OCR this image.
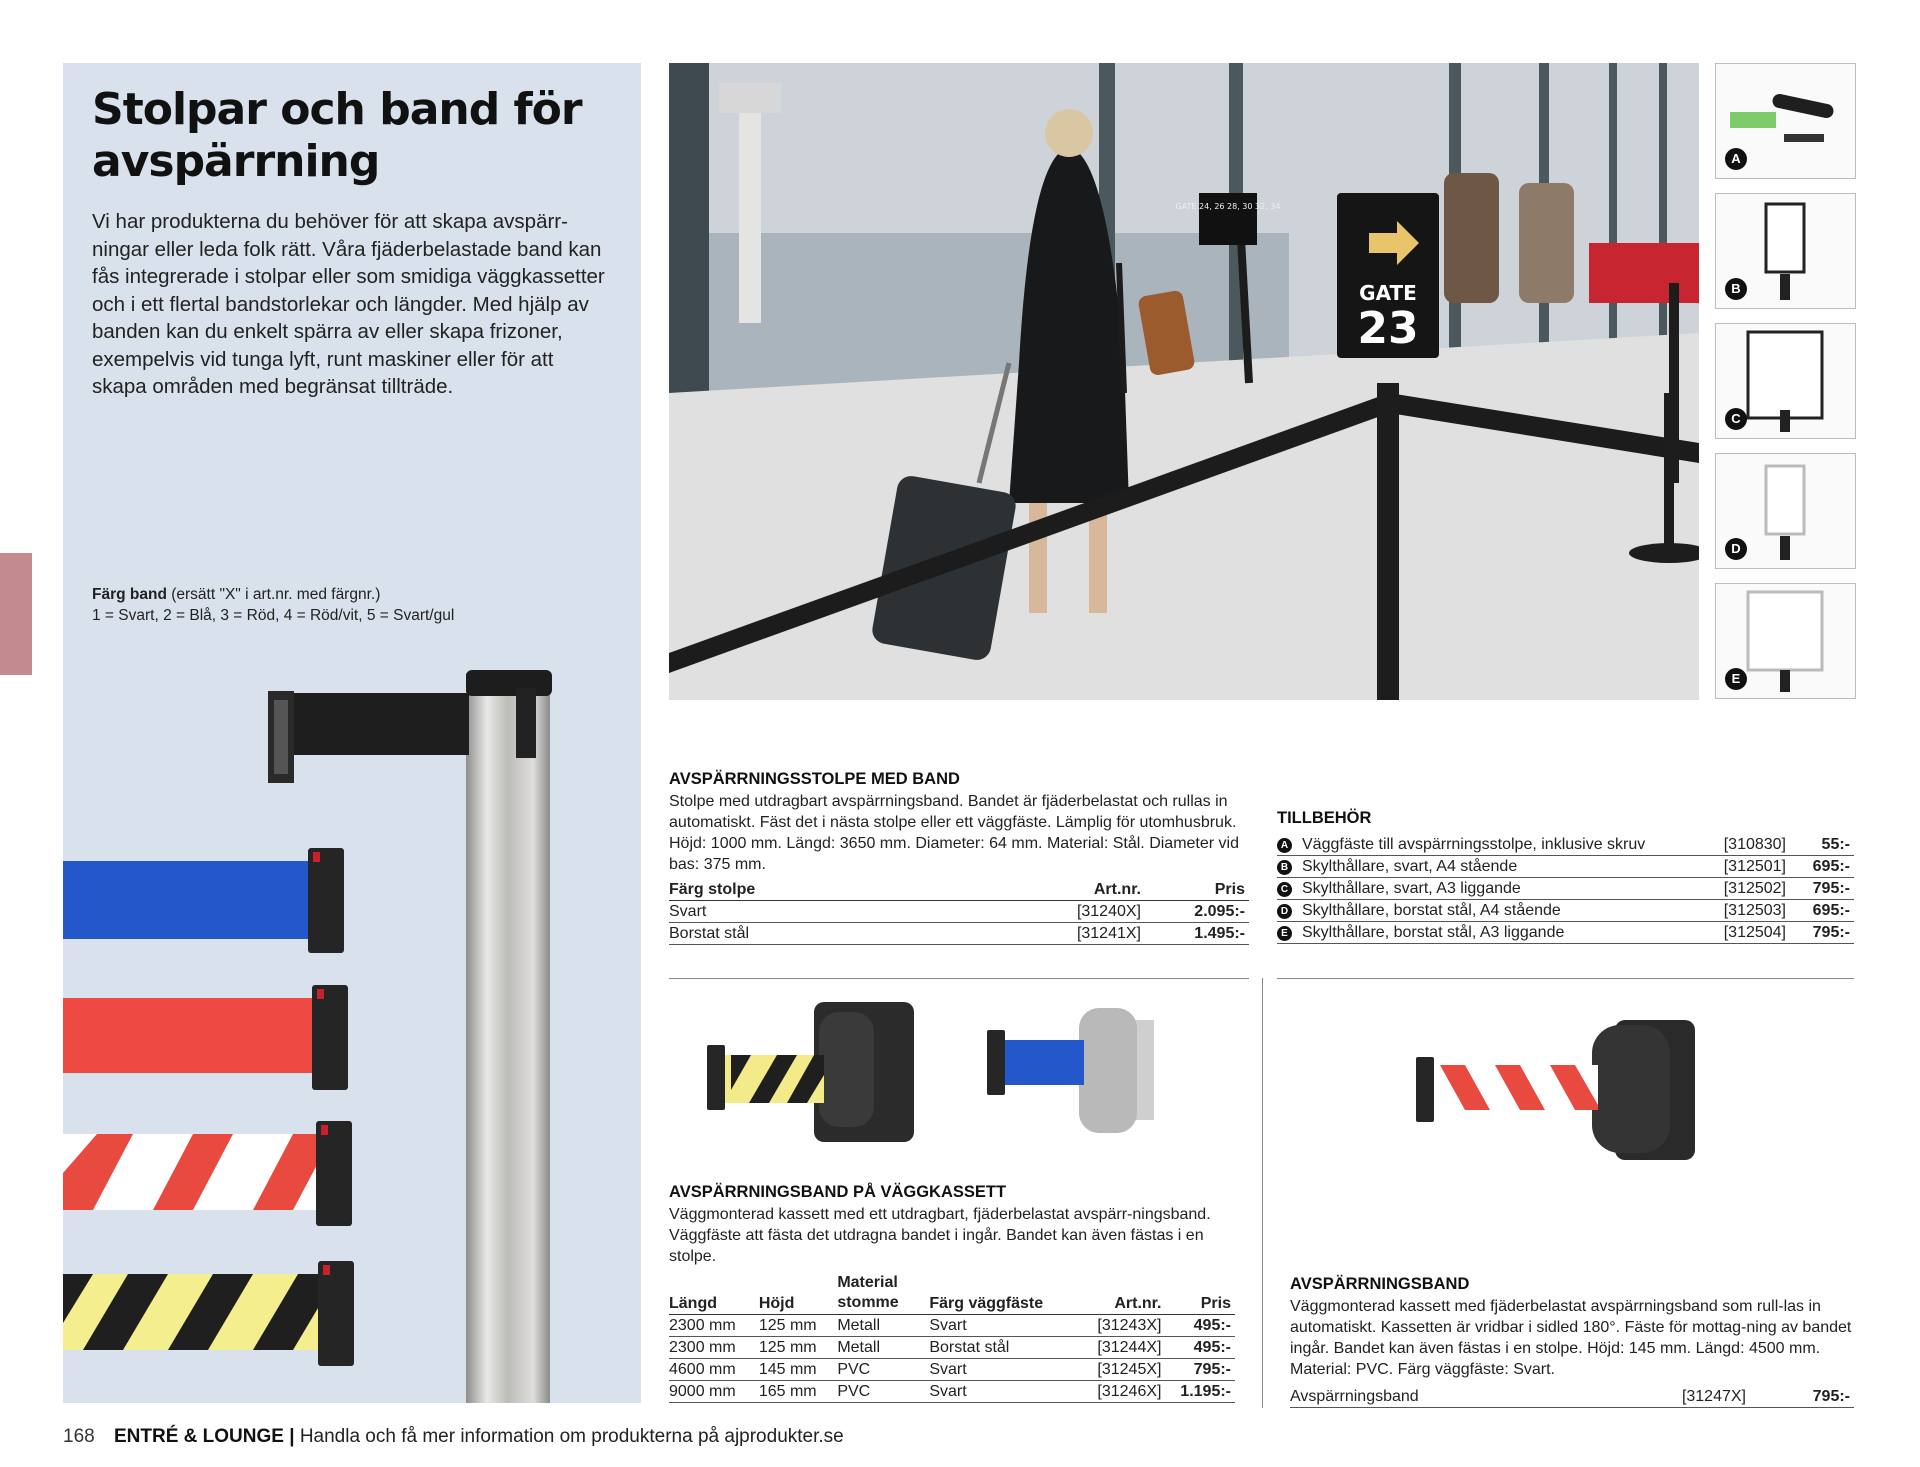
Stolpar och band för avspärrning

Vi har produkterna du behöver för att skapa avspärr-ningar eller leda folk rätt. Våra fjäderbelastade band kan fås integrerade i stolpar eller som smidiga väggkassetter och i ett flertal bandstorlekar och längder. Med hjälp av banden kan du enkelt spärra av eller skapa frizoner, exempelvis vid tunga lyft, runt maskiner eller för att skapa områden med begränsat tillträde.

Färg band (ersätt "X" i art.nr. med färgnr.)
1 = Svart, 2 = Blå, 3 = Röd, 4 = Röd/vit, 5 = Svart/gul
GATE
23
GATE 24, 26 28, 30 32, 34
A
B
C
D
E

AVSPÄRRNINGSSTOLPE MED BAND

Stolpe med utdragbart avspärrningsband. Bandet är fjäderbelastat och rullas in automatiskt. Fäst det i nästa stolpe eller ett väggfäste. Lämplig för utomhusbruk. Höjd: 1000 mm. Längd: 3650 mm. Diameter: 64 mm. Material: Stål. Diameter vid bas: 375 mm.

Färg stolpe	Art.nr.	Pris
Svart	[31240X]	2.095:-
Borstat stål	[31241X]	1.495:-

TILLBEHÖR

A Väggfäste till avspärrningsstolpe, inklusive skruv	[310830]	55:-
B Skylthållare, svart, A4 stående	[312501]	695:-
C Skylthållare, svart, A3 liggande	[312502]	795:-
D Skylthållare, borstat stål, A4 stående	[312503]	695:-
E Skylthållare, borstat stål, A3 liggande	[312504]	795:-

AVSPÄRRNINGSBAND PÅ VÄGGKASSETT

Väggmonterad kassett med ett utdragbart, fjäderbelastat avspärr-ningsband. Väggfäste att fästa det utdragna bandet i ingår. Bandet kan även fästas i en stolpe.

Längd	Höjd	Material stomme	Färg väggfäste	Art.nr.	Pris
2300 mm	125 mm	Metall	Svart	[31243X]	495:-
2300 mm	125 mm	Metall	Borstat stål	[31244X]	495:-
4600 mm	145 mm	PVC	Svart	[31245X]	795:-
9000 mm	165 mm	PVC	Svart	[31246X]	1.195:-

AVSPÄRRNINGSBAND

Väggmonterad kassett med fjäderbelastat avspärrningsband som rull-las in automatiskt. Kassetten är vridbar i sidled 180°. Fäste för mottag-ning av bandet ingår. Bandet kan även fästas i en stolpe. Höjd: 145 mm. Längd: 4500 mm. Material: PVC. Färg väggfäste: Svart.

Avspärrningsband	[31247X]	795:-
168 ENTRÉ & LOUNGE | Handla och få mer information om produkterna på ajprodukter.se
